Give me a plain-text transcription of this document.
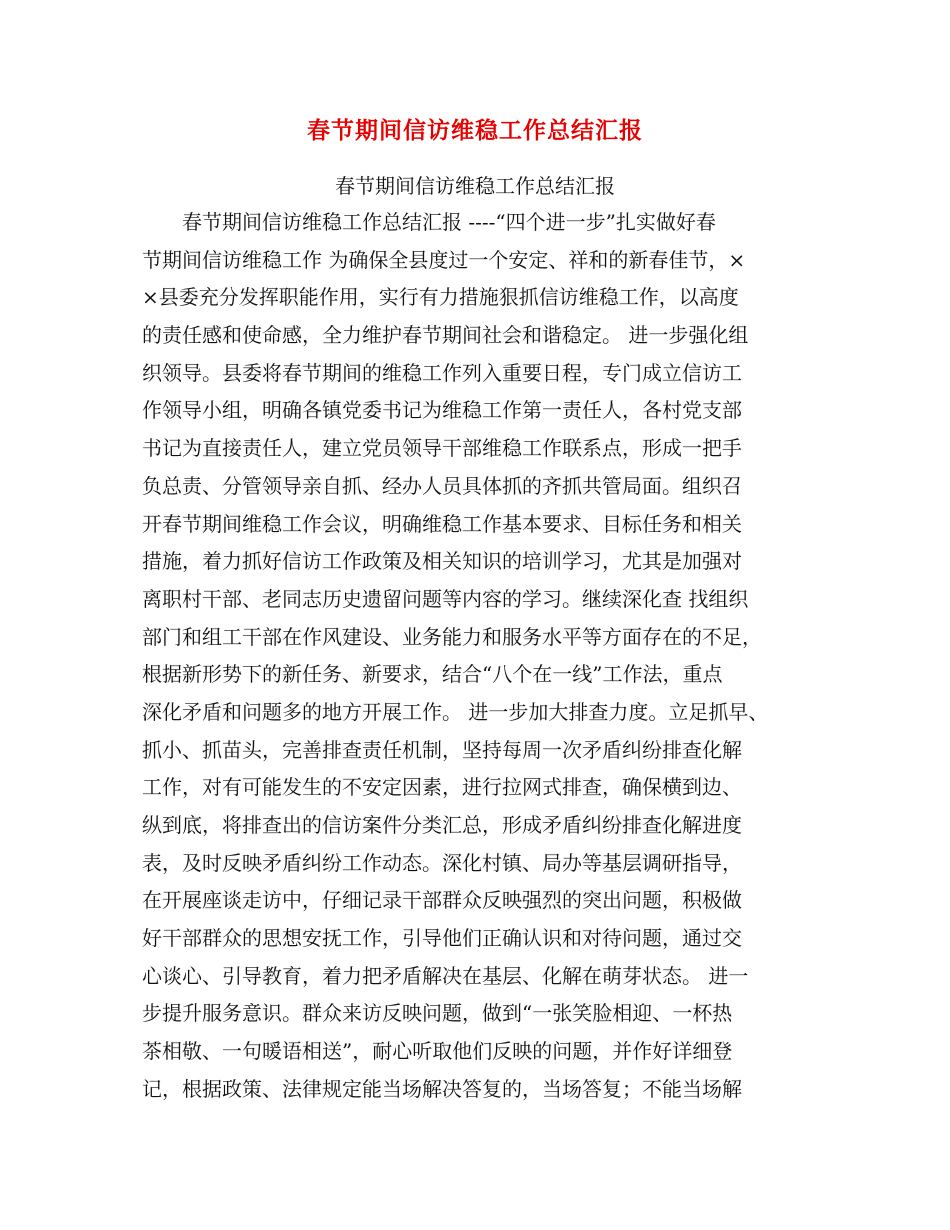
春节期间信访维稳工作总结汇报
春节期间信访维稳工作总结汇报
　　春节期间信访维稳工作总结汇报 ----“四个进一步”扎实做好春
节期间信访维稳工作 为确保全县度过一个安定、祥和的新春佳节，×
×县委充分发挥职能作用，实行有力措施狠抓信访维稳工作，以高度
的责任感和使命感，全力维护春节期间社会和谐稳定。 进一步强化组
织领导。县委将春节期间的维稳工作列入重要日程，专门成立信访工
作领导小组，明确各镇党委书记为维稳工作第一责任人，各村党支部
书记为直接责任人，建立党员领导干部维稳工作联系点，形成一把手
负总责、分管领导亲自抓、经办人员具体抓的齐抓共管局面。组织召
开春节期间维稳工作会议，明确维稳工作基本要求、目标任务和相关
措施，着力抓好信访工作政策及相关知识的培训学习，尤其是加强对
离职村干部、老同志历史遗留问题等内容的学习。继续深化查 找组织
部门和组工干部在作风建设、业务能力和服务水平等方面存在的不足，
根据新形势下的新任务、新要求，结合“八个在一线”工作法，重点
深化矛盾和问题多的地方开展工作。 进一步加大排查力度。立足抓早、
抓小、抓苗头，完善排查责任机制，坚持每周一次矛盾纠纷排查化解
工作，对有可能发生的不安定因素，进行拉网式排查，确保横到边、
纵到底，将排查出的信访案件分类汇总，形成矛盾纠纷排查化解进度
表，及时反映矛盾纠纷工作动态。深化村镇、局办等基层调研指导，
在开展座谈走访中，仔细记录干部群众反映强烈的突出问题，积极做
好干部群众的思想安抚工作，引导他们正确认识和对待问题，通过交
心谈心、引导教育，着力把矛盾解决在基层、化解在萌芽状态。 进一
步提升服务意识。群众来访反映问题，做到“一张笑脸相迎、一杯热
茶相敬、一句暖语相送”，耐心听取他们反映的问题，并作好详细登
记，根据政策、法律规定能当场解决答复的，当场答复；不能当场解
